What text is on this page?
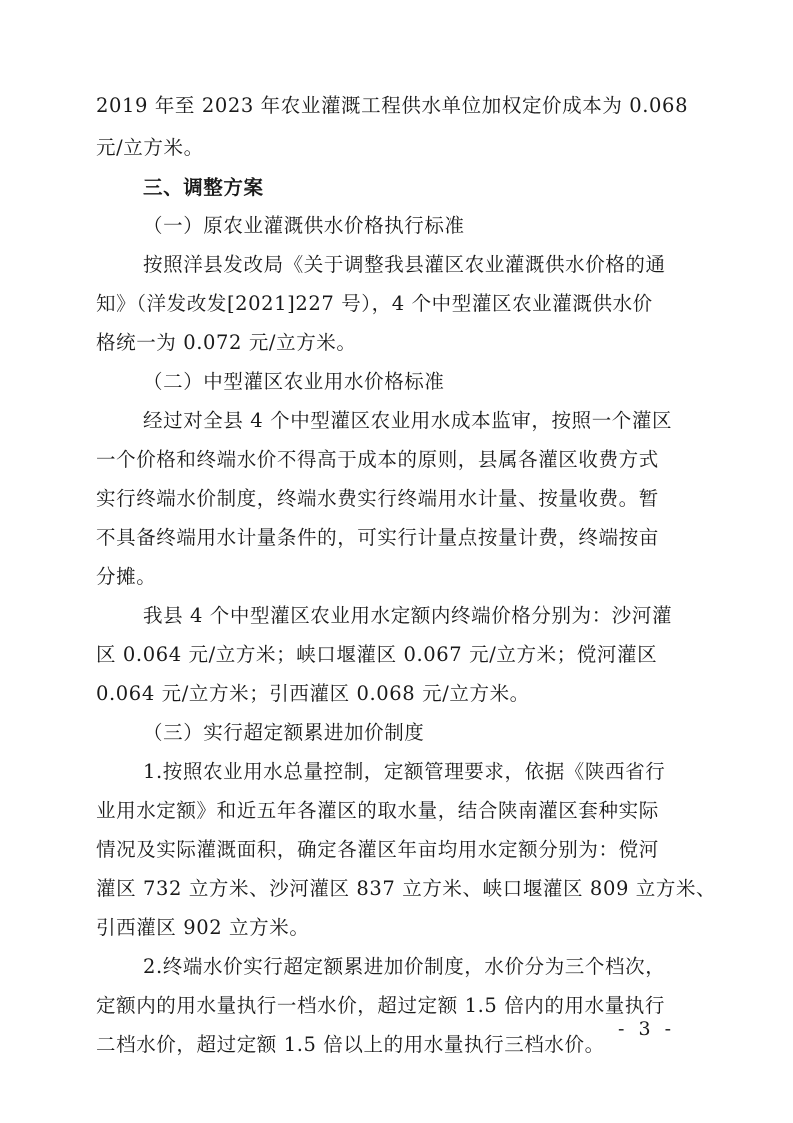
2019 年至 2023 年农业灌溉工程供水单位加权定价成本为 0.068

元/立方米。

三、调整方案

（一）原农业灌溉供水价格执行标准

按照洋县发改局《关于调整我县灌区农业灌溉供水价格的通

知》（洋发改发[2021]227 号），4 个中型灌区农业灌溉供水价

格统一为 0.072 元/立方米。

（二）中型灌区农业用水价格标准

经过对全县 4 个中型灌区农业用水成本监审，按照一个灌区

一个价格和终端水价不得高于成本的原则，县属各灌区收费方式

实行终端水价制度，终端水费实行终端用水计量、按量收费。暂

不具备终端用水计量条件的，可实行计量点按量计费，终端按亩

分摊。

我县 4 个中型灌区农业用水定额内终端价格分别为：沙河灌

区 0.064 元/立方米；峡口堰灌区 0.067 元/立方米；傥河灌区

0.064 元/立方米；引西灌区 0.068 元/立方米。

（三）实行超定额累进加价制度

1.按照农业用水总量控制，定额管理要求，依据《陕西省行

业用水定额》和近五年各灌区的取水量，结合陕南灌区套种实际

情况及实际灌溉面积，确定各灌区年亩均用水定额分别为：傥河

灌区 732 立方米、沙河灌区 837 立方米、峡口堰灌区 809 立方米、

引西灌区 902 立方米。

2.终端水价实行超定额累进加价制度，水价分为三个档次，

定额内的用水量执行一档水价，超过定额 1.5 倍内的用水量执行

二档水价，超过定额 1.5 倍以上的用水量执行三档水价。

- 3 -
